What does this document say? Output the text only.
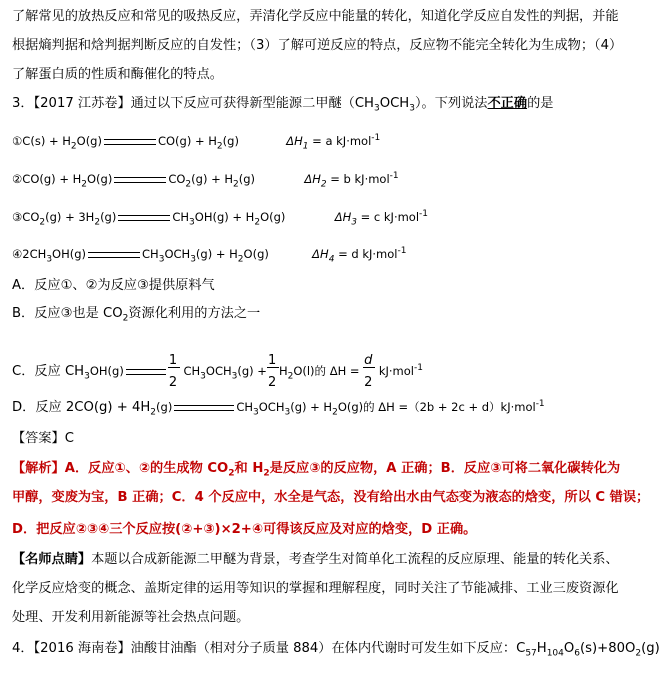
了解常见的放热反应和常见的吸热反应，弄清化学反应中能量的转化，知道化学反应自发性的判据，并能
根据熵判据和焓判据判断反应的自发性；（3）了解可逆反应的特点，反应物不能完全转化为生成物；（4）
了解蛋白质的性质和酶催化的特点。
3．【2017 江苏卷】通过以下反应可获得新型能源二甲醚$(CH_3OCH_3)$。下列说法不正确的是
①C(s) + $H_2O(g)$	$CO(g) + H_2(g)$	$\Delta H_1 = a$ kJ·mol$^{-1}$
②CO(g) + $H_2O(g)$	$CO_2(g) + H_2(g)$	$\Delta H_2 = b$ kJ·mol$^{-1}$
$③CO_2(g) + 3H_2(g)$	$CH_3OH(g) + H_2O(g)$	$\Delta H_3 = c$ kJ·mol$^{-1}$
$④2CH_3OH(g)$	$CH_3OCH_3(g) + H_2O(g)$	$\Delta H_4 = d$ kJ·mol$^{-1}$
A．反应①、②为反应③提供原料气
B．反应③也是 $CO_2$资源化利用的方法之一
C．反应 $CH_3OH(g)$	$\frac{1}{2} CH_3OCH_3(g) + \frac{1}{2} H_2O(l)$的 $\Delta H = \frac{d}{2} kJ\cdot mol^{-1}$
D．反应 $2CO(g) + 4H_2(g)$	$CH_3OCH_3(g) + H_2O(g)$的 ΔH =（2b + 2c + d）kJ·mol$^{-1}$
【答案】C
【解析】A．反应①、②的生成物 $CO_2$和 $H_2$是反应③的反应物，A 正确；B．反应③可将二氧化碳转化为
甲醇，变废为宝，B 正确；C．4 个反应中，水全是气态，没有给出水由气态变为液态的焓变，所以 C 错误；
D．把反应②③④三个反应按(②+③)×2+④可得该反应及对应的焓变，D 正确。
【名师点睛】本题以合成新能源二甲醚为背景，考查学生对简单化工流程的反应原理、能量的转化关系、
化学反应焓变的概念、盖斯定律的运用等知识的掌握和理解程度，同时关注了节能减排、工业三废资源化
处理、开发利用新能源等社会热点问题。
4．【2016 海南卷】油酸甘油酯（相对分子质量 884）在体内代谢时可发生如下反应：$C_{57}H_{104}O_6(s)+80O_2(g)$
